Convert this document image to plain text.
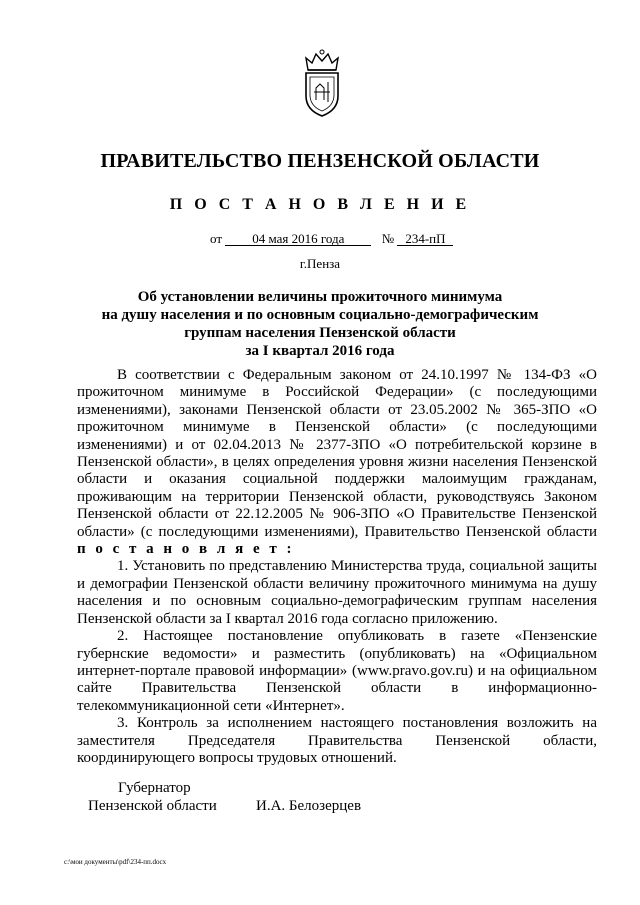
ПРАВИТЕЛЬСТВО ПЕНЗЕНСКОЙ ОБЛАСТИ
П О С Т А Н О В Л Е Н И Е
от 04 мая 2016 года	№ 234-пП
г.Пенза
Об установлении величины прожиточного минимума
на душу населения и по основным социально-демографическим
группам населения Пензенской области
за I квартал 2016 года

В соответствии с Федеральным законом от 24.10.1997 № 134-ФЗ «О прожиточном минимуме в Российской Федерации» (с последующими изменениями), законами Пензенской области от 23.05.2002 № 365-ЗПО «О прожиточном минимуме в Пензенской области» (с последующими изменениями) и от 02.04.2013 № 2377-ЗПО «О потребительской корзине в Пензенской области», в целях определения уровня жизни населения Пензенской области и оказания социальной поддержки малоимущим гражданам, проживающим на территории Пензенской области, руководствуясь Законом Пензенской области от 22.12.2005 № 906-ЗПО «О Правительстве Пензенской области» (с последующими изменениями), Правительство Пензенской области п о с т а н о в л я е т :

1. Установить по представлению Министерства труда, социальной защиты и демографии Пензенской области величину прожиточного минимума на душу населения и по основным социально-демографическим группам населения Пензенской области за I квартал 2016 года согласно приложению.

2. Настоящее постановление опубликовать в газете «Пензенские губернские ведомости» и разместить (опубликовать) на «Официальном интернет-портале правовой информации» (www.pravo.gov.ru) и на официальном сайте Правительства Пензенской области в информационно-телекоммуникационной сети «Интернет».

3. Контроль за исполнением настоящего постановления возложить на заместителя Председателя Правительства Пензенской области, координирующего вопросы трудовых отношений.

Губернатор
Пензенской области	И.А. Белозерцев
c:\мои документы\pdf\234-пп.docx
